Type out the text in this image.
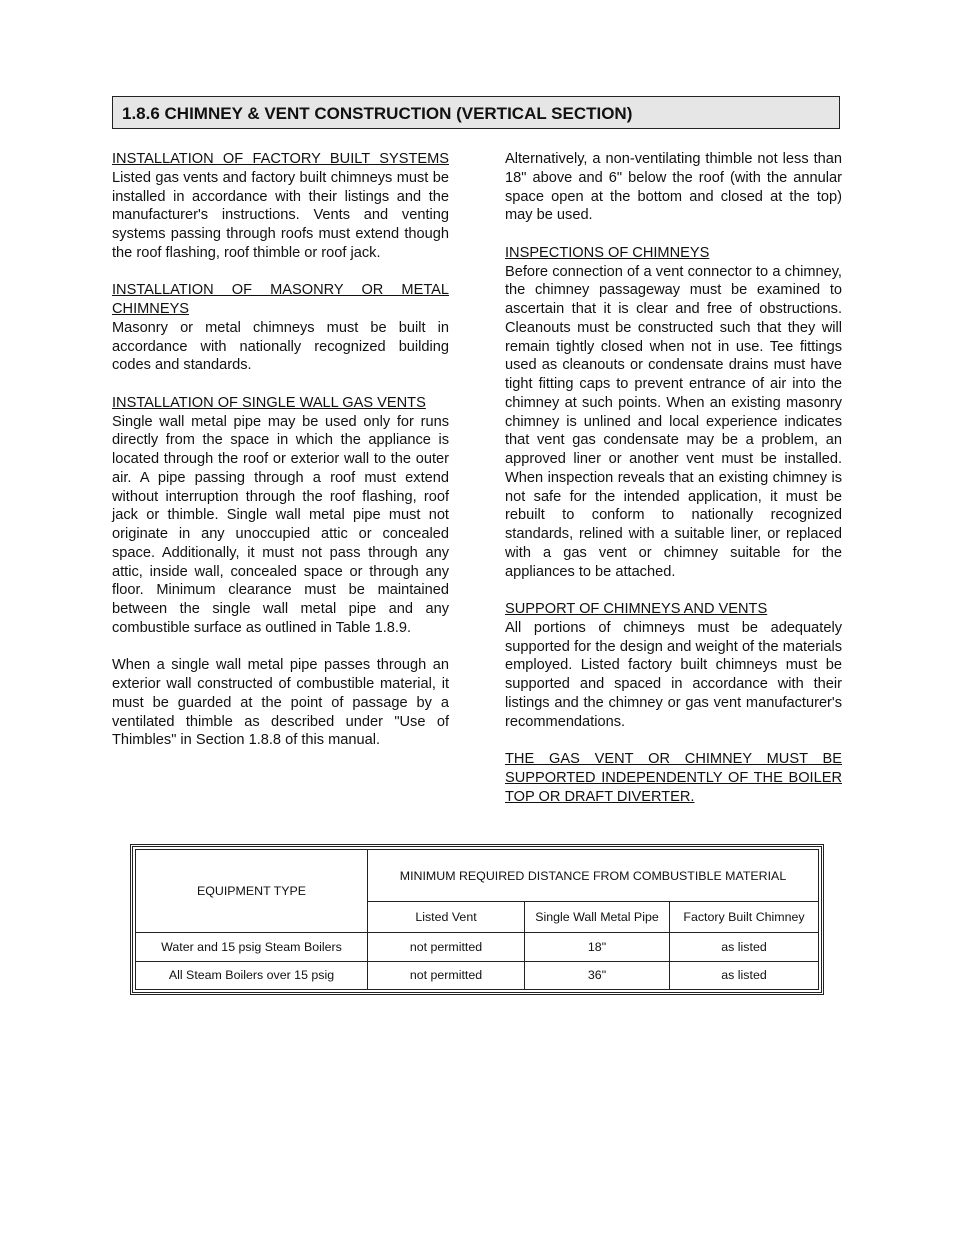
1.8.6 CHIMNEY & VENT CONSTRUCTION (VERTICAL SECTION)
INSTALLATION OF FACTORY BUILT SYSTEMS
Listed gas vents and factory built chimneys must be installed in accordance with their listings and the manufacturer's instructions. Vents and venting systems passing through roofs must extend though the roof flashing, roof thimble or roof jack.
INSTALLATION OF MASONRY OR METAL CHIMNEYS
Masonry or metal chimneys must be built in accordance with nationally recognized building codes and standards.
INSTALLATION OF SINGLE WALL GAS VENTS
Single wall metal pipe may be used only for runs directly from the space in which the appliance is located through the roof or exterior wall to the outer air. A pipe passing through a roof must extend without interruption through the roof flashing, roof jack or thimble. Single wall metal pipe must not originate in any unoccupied attic or concealed space. Additionally, it must not pass through any attic, inside wall, concealed space or through any floor. Minimum clearance must be maintained between the single wall metal pipe and any combustible surface as outlined in Table 1.8.9.
When a single wall metal pipe passes through an exterior wall constructed of combustible material, it must be guarded at the point of passage by a ventilated thimble as described under "Use of Thimbles" in Section 1.8.8 of this manual.
Alternatively, a non-ventilating thimble not less than 18" above and 6" below the roof (with the annular space open at the bottom and closed at the top) may be used.
INSPECTIONS OF CHIMNEYS
Before connection of a vent connector to a chimney, the chimney passageway must be examined to ascertain that it is clear and free of obstructions. Cleanouts must be constructed such that they will remain tightly closed when not in use. Tee fittings used as cleanouts or condensate drains must have tight fitting caps to prevent entrance of air into the chimney at such points. When an existing masonry chimney is unlined and local experience indicates that vent gas condensate may be a problem, an approved liner or another vent must be installed. When inspection reveals that an existing chimney is not safe for the intended application, it must be rebuilt to conform to nationally recognized standards, relined with a suitable liner, or replaced with a gas vent or chimney suitable for the appliances to be attached.
SUPPORT OF CHIMNEYS AND VENTS
All portions of chimneys must be adequately supported for the design and weight of the materials employed. Listed factory built chimneys must be supported and spaced in accordance with their listings and the chimney or gas vent manufacturer's recommendations.
THE GAS VENT OR CHIMNEY MUST BE SUPPORTED INDEPENDENTLY OF THE BOILER TOP OR DRAFT DIVERTER.
EQUIPMENT TYPE	MINIMUM REQUIRED DISTANCE FROM COMBUSTIBLE MATERIAL		
	Listed Vent	Single Wall Metal Pipe	Factory Built Chimney
Water and 15 psig Steam Boilers	not permitted	18"	as listed
All Steam Boilers over 15 psig	not permitted	36"	as listed
